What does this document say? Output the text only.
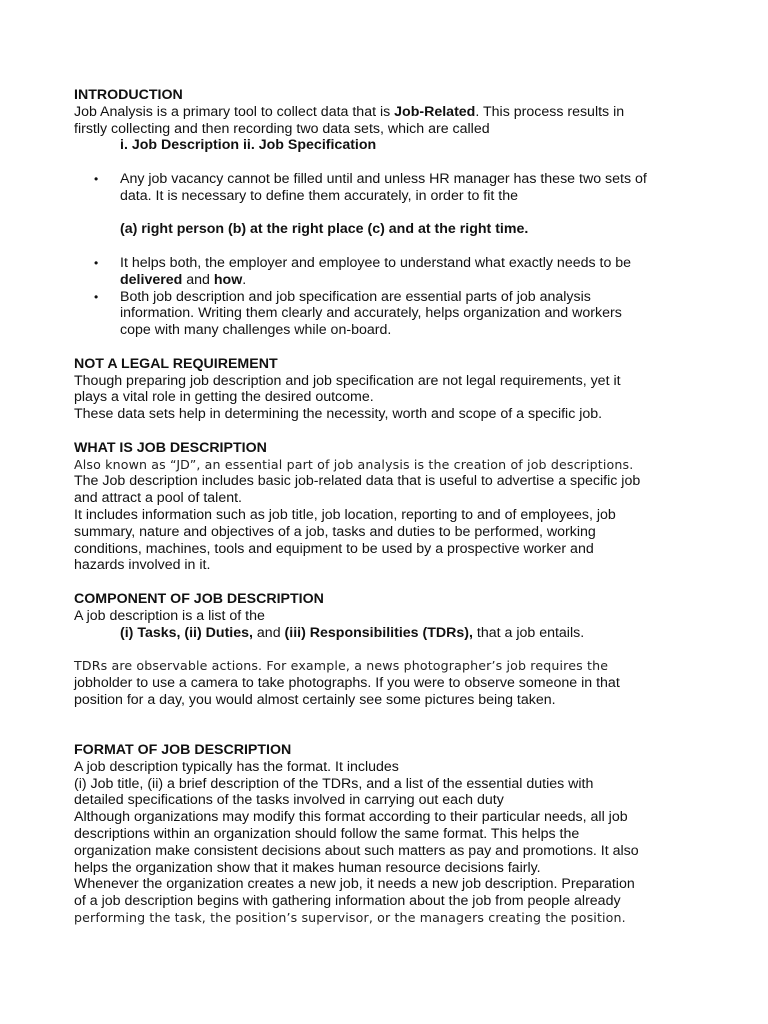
INTRODUCTION

Job Analysis is a primary tool to collect data that is Job-Related. This process results in

firstly collecting and then recording two data sets, which are called

i. Job Description ii. Job Specification

• Any job vacancy cannot be filled until and unless HR manager has these two sets of
data. It is necessary to define them accurately, in order to fit the
(a) right person (b) at the right place (c) and at the right time.
• It helps both, the employer and employee to understand what exactly needs to be
delivered and how.
• Both job description and job specification are essential parts of job analysis
information. Writing them clearly and accurately, helps organization and workers
cope with many challenges while on-board.

NOT A LEGAL REQUIREMENT

Though preparing job description and job specification are not legal requirements, yet it

plays a vital role in getting the desired outcome.

These data sets help in determining the necessity, worth and scope of a specific job.

WHAT IS JOB DESCRIPTION

Also known as “JD”, an essential part of job analysis is the creation of job descriptions.

The Job description includes basic job-related data that is useful to advertise a specific job

and attract a pool of talent.

It includes information such as job title, job location, reporting to and of employees, job

summary, nature and objectives of a job, tasks and duties to be performed, working

conditions, machines, tools and equipment to be used by a prospective worker and

hazards involved in it.

COMPONENT OF JOB DESCRIPTION

A job description is a list of the

(i) Tasks, (ii) Duties, and (iii) Responsibilities (TDRs), that a job entails.

TDRs are observable actions. For example, a news photographer’s job requires the

jobholder to use a camera to take photographs. If you were to observe someone in that

position for a day, you would almost certainly see some pictures being taken.

FORMAT OF JOB DESCRIPTION

A job description typically has the format. It includes

(i) Job title, (ii) a brief description of the TDRs, and a list of the essential duties with

detailed specifications of the tasks involved in carrying out each duty

Although organizations may modify this format according to their particular needs, all job

descriptions within an organization should follow the same format. This helps the

organization make consistent decisions about such matters as pay and promotions. It also

helps the organization show that it makes human resource decisions fairly.

Whenever the organization creates a new job, it needs a new job description. Preparation

of a job description begins with gathering information about the job from people already

performing the task, the position’s supervisor, or the managers creating the position.
